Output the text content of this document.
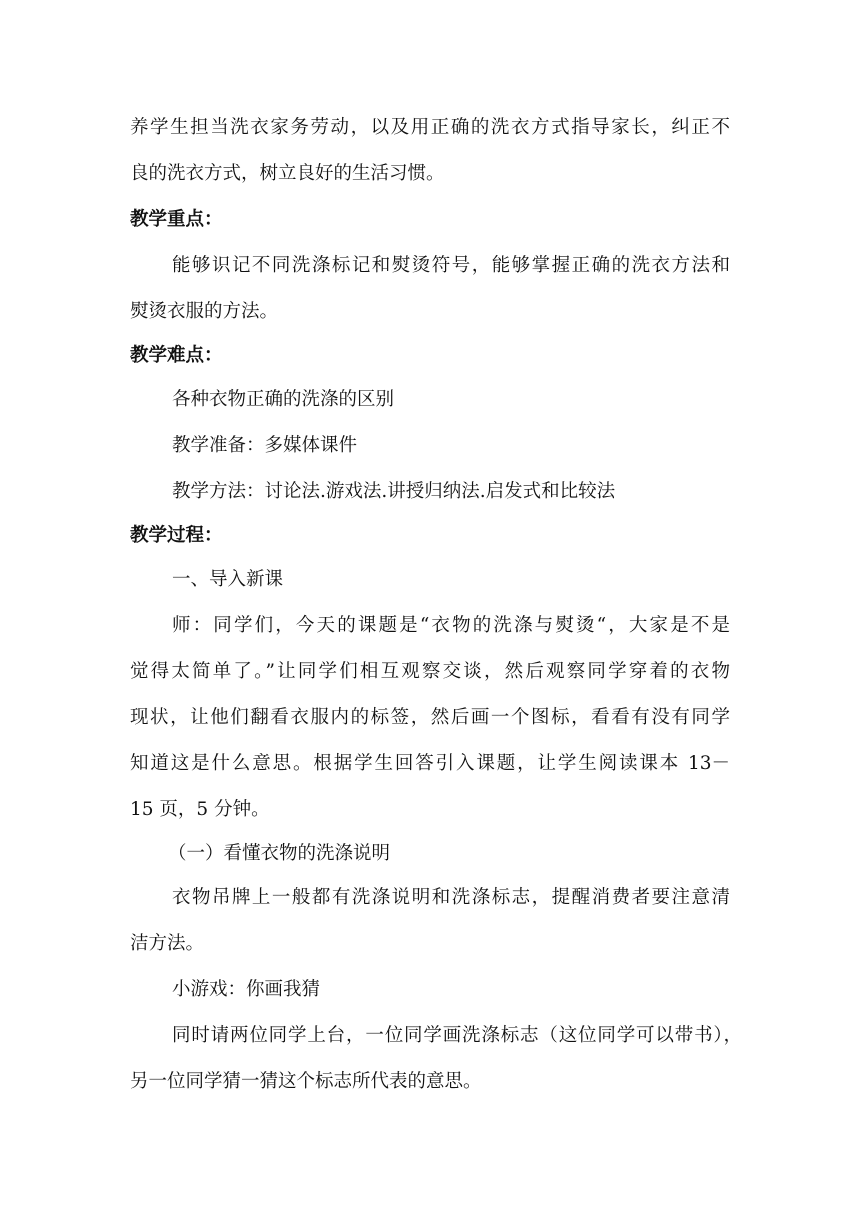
养学生担当洗衣家务劳动，以及用正确的洗衣方式指导家长，纠正不
良的洗衣方式，树立良好的生活习惯。
教学重点：
能够识记不同洗涤标记和熨烫符号，能够掌握正确的洗衣方法和
熨烫衣服的方法。
教学难点：
各种衣物正确的洗涤的区别
教学准备：多媒体课件
教学方法：讨论法.游戏法.讲授归纳法.启发式和比较法
教学过程：
一、导入新课
师：同学们，今天的课题是“衣物的洗涤与熨烫“，大家是不是
觉得太简单了。”让同学们相互观察交谈，然后观察同学穿着的衣物
现状，让他们翻看衣服内的标签，然后画一个图标，看看有没有同学
知道这是什么意思。根据学生回答引入课题，让学生阅读课本 13－
15 页，5 分钟。
（一）看懂衣物的洗涤说明
衣物吊牌上一般都有洗涤说明和洗涤标志，提醒消费者要注意清
洁方法。
小游戏：你画我猜
同时请两位同学上台，一位同学画洗涤标志（这位同学可以带书），
另一位同学猜一猜这个标志所代表的意思。
